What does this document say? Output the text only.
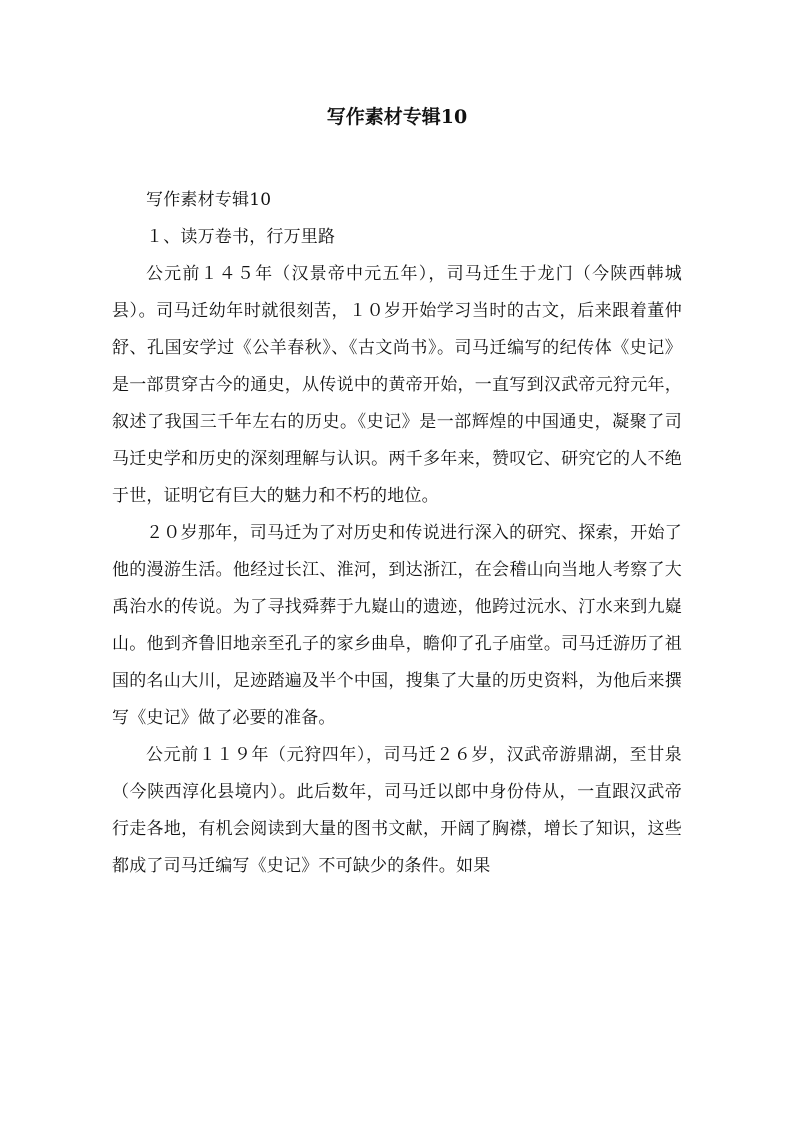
写作素材专辑10

写作素材专辑10

１、读万卷书，行万里路

公元前１４５年（汉景帝中元五年），司马迁生于龙门（今陕西韩城县）。司马迁幼年时就很刻苦，１０岁开始学习当时的古文，后来跟着董仲舒、孔国安学过《公羊春秋》、《古文尚书》。司马迁编写的纪传体《史记》是一部贯穿古今的通史，从传说中的黄帝开始，一直写到汉武帝元狩元年，叙述了我国三千年左右的历史。《史记》是一部辉煌的中国通史，凝聚了司马迁史学和历史的深刻理解与认识。两千多年来，赞叹它、研究它的人不绝于世，证明它有巨大的魅力和不朽的地位。

２０岁那年，司马迁为了对历史和传说进行深入的研究、探索，开始了他的漫游生活。他经过长江、淮河，到达浙江，在会稽山向当地人考察了大禹治水的传说。为了寻找舜葬于九嶷山的遗迹，他跨过沅水、汀水来到九嶷山。他到齐鲁旧地亲至孔子的家乡曲阜，瞻仰了孔子庙堂。司马迁游历了祖国的名山大川，足迹踏遍及半个中国，搜集了大量的历史资料，为他后来撰写《史记》做了必要的准备。

公元前１１９年（元狩四年），司马迁２６岁，汉武帝游鼎湖，至甘泉（今陕西淳化县境内）。此后数年，司马迁以郎中身份侍从，一直跟汉武帝行走各地，有机会阅读到大量的图书文献，开阔了胸襟，增长了知识，这些都成了司马迁编写《史记》不可缺少的条件。如果
